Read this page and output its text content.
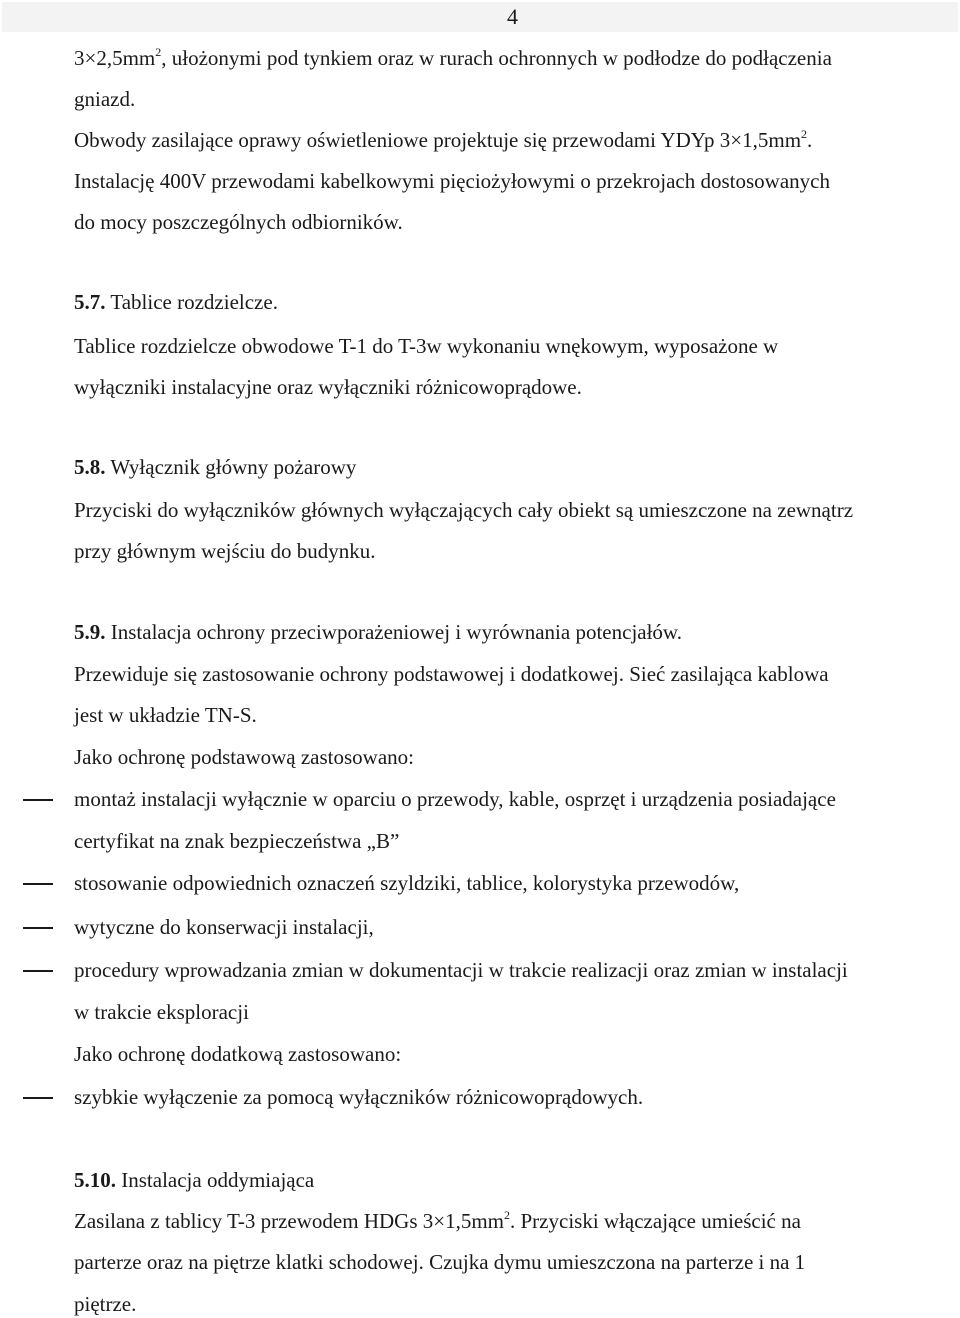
4
$3\times 2,5mm^2$, ułożonymi pod tynkiem oraz w rurach ochronnych w podłodze do podłączenia
gniazd.
Obwody zasilające oprawy oświetleniowe projektuje się przewodami YDYp $3\times 1,5mm^2$.
Instalację 400V przewodami kabelkowymi pięciożyłowymi o przekrojach dostosowanych
do mocy poszczególnych odbiorników.
5.7. Tablice rozdzielcze.
Tablice rozdzielcze obwodowe T-1 do T-3w wykonaniu wnękowym, wyposażone w
wyłączniki instalacyjne oraz wyłączniki różnicowoprądowe.
5.8. Wyłącznik główny pożarowy
Przyciski do wyłączników głównych wyłączających cały obiekt są umieszczone na zewnątrz
przy głównym wejściu do budynku.
5.9. Instalacja ochrony przeciwporażeniowej i wyrównania potencjałów.
Przewiduje się zastosowanie ochrony podstawowej i dodatkowej. Sieć zasilająca kablowa
jest w układzie TN-S.
Jako ochronę podstawową zastosowano:
montaż instalacji wyłącznie w oparciu o przewody, kable, osprzęt i urządzenia posiadające
certyfikat na znak bezpieczeństwa „B”
stosowanie odpowiednich oznaczeń szyldziki, tablice, kolorystyka przewodów,
wytyczne do konserwacji instalacji,
procedury wprowadzania zmian w dokumentacji w trakcie realizacji oraz zmian w instalacji
w trakcie eksploracji
Jako ochronę dodatkową zastosowano:
szybkie wyłączenie za pomocą wyłączników różnicowoprądowych.
5.10. Instalacja oddymiająca
Zasilana z tablicy T-3 przewodem HDGs $3\times 1,5mm^2$. Przyciski włączające umieścić na
parterze oraz na piętrze klatki schodowej. Czujka dymu umieszczona na parterze i na 1
piętrze.
